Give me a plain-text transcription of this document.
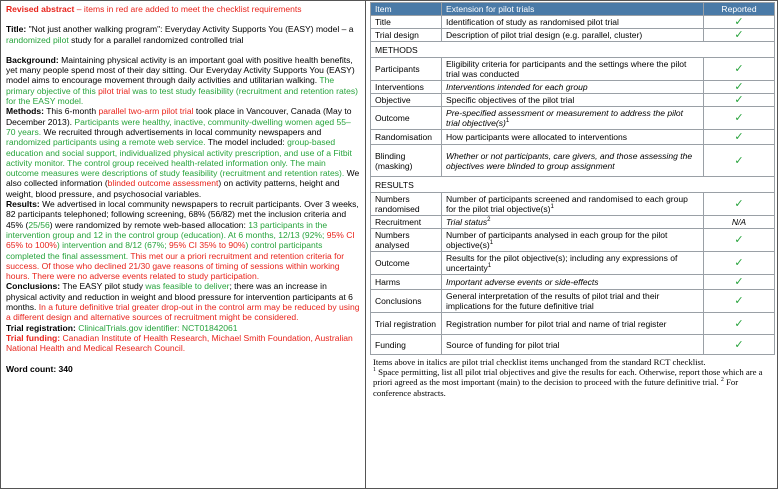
Revised abstract – items in red are added to meet the checklist requirements

Title: "Not just another walking program": Everyday Activity Supports You (EASY) model – a randomized pilot study for a parallel randomized controlled trial

Background: Maintaining physical activity is an important goal with positive health benefits, yet many people spend most of their day sitting. Our Everyday Activity Supports You (EASY) model aims to encourage movement through daily activities and utilitarian walking. The primary objective of this pilot trial was to test study feasibility (recruitment and retention rates) for the EASY model.

Methods: This 6-month parallel two-arm pilot trial took place in Vancouver, Canada (May to December 2013). Participants were healthy, inactive, community-dwelling women aged 55–70 years. We recruited through advertisements in local community newspapers and randomized participants using a remote web service. The model included: group-based education and social support, individualized physical activity prescription, and use of a Fitbit activity monitor. The control group received health-related information only. The main outcome measures were descriptions of study feasibility (recruitment and retention rates). We also collected information (blinded outcome assessment) on activity patterns, height and weight, blood pressure, and psychosocial variables.

Results: We advertised in local community newspapers to recruit participants. Over 3 weeks, 82 participants telephoned; following screening, 68% (56/82) met the inclusion criteria and 45% (25/56) were randomized by remote web-based allocation: 13 participants in the intervention group and 12 in the control group (education). At 6 months, 12/13 (92%; 95% CI 65% to 100%) intervention and 8/12 (67%; 95% CI 35% to 90%) control participants completed the final assessment. This met our a priori recruitment and retention criteria for success. Of those who declined 21/30 gave reasons of timing of sessions within working hours. There were no adverse events related to study participation.

Conclusions: The EASY pilot study was feasible to deliver; there was an increase in physical activity and reduction in weight and blood pressure for intervention participants at 6 months. In a future definitive trial greater drop-out in the control arm may be reduced by using a different design and alternative sources of recruitment might be considered.

Trial registration: ClinicalTrials.gov identifier: NCT01842061

Trial funding: Canadian Institute of Health Research, Michael Smith Foundation, Australian National Health and Medical Research Council.

Word count: 340

Item	Extension for pilot trials	Reported
Title	Identification of study as randomised pilot trial	✓
Trial design	Description of pilot trial design (e.g. parallel, cluster)	✓
METHODS		
Participants	Eligibility criteria for participants and the settings where the pilot trial was conducted	✓
Interventions	Interventions intended for each group	✓
Objective	Specific objectives of the pilot trial	✓
Outcome	Pre-specified assessment or measurement to address the pilot trial $objective(s)^1$	✓
Randomisation	How participants were allocated to interventions	✓
Blinding (masking)	Whether or not participants, care givers, and those assessing the objectives were blinded to group assignment	✓
RESULTS		
Numbers randomised	Number of participants screened and randomised to each group for the pilot trial $objective(s)^1$	✓
Recruitment	Trial status$^2$	N/A
Numbers analysed	Number of participants analysed in each group for the pilot $objective(s)^1$	✓
Outcome	Results for the pilot objective(s); including any expressions of uncertainty$^1$	✓
Harms	Important adverse events or side-effects	✓
Conclusions	General interpretation of the results of pilot trial and their implications for the future definitive trial	✓
Trial registration	Registration number for pilot trial and name of trial register	✓
Funding	Source of funding for pilot trial	✓

Items above in italics are pilot trial checklist items unchanged from the standard RCT checklist.

$^1$ Space permitting, list all pilot trial objectives and give the results for each. Otherwise, report those which are a priori agreed as the most important (main) to the decision to proceed with the future definitive trial. $^2$ For conference abstracts.
